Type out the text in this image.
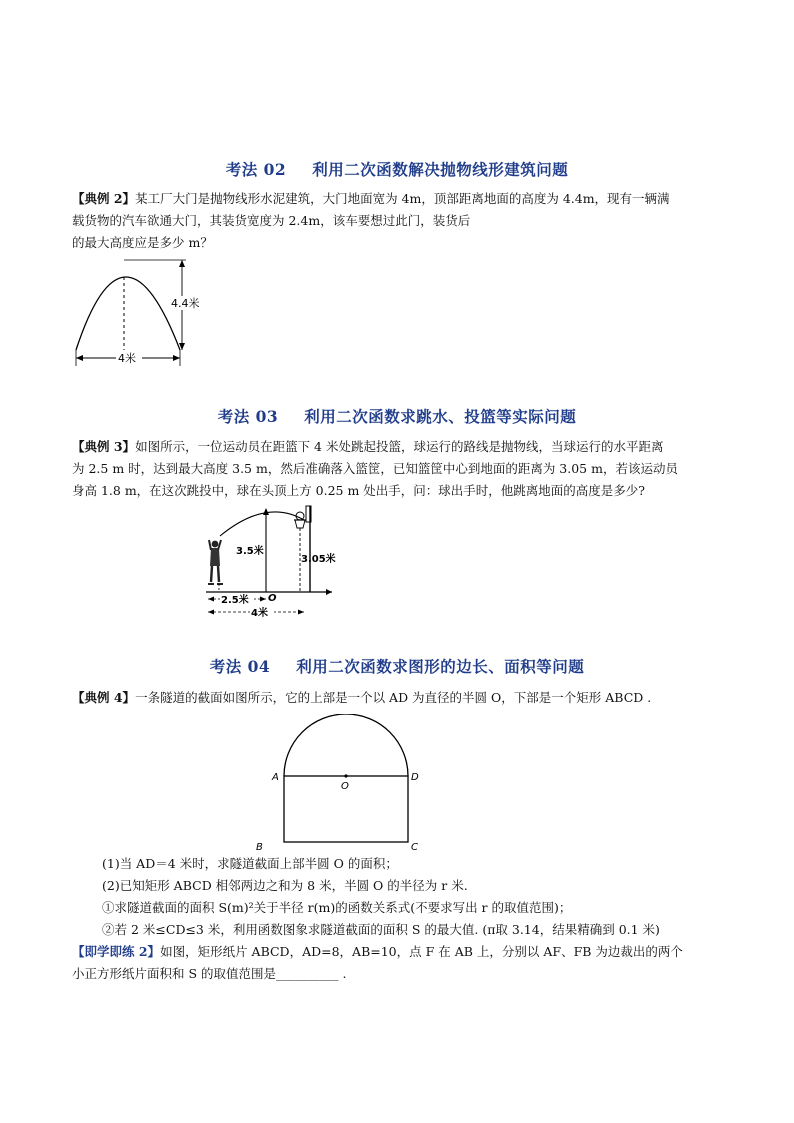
考法 02 利用二次函数解决抛物线形建筑问题
【典例 2】某工厂大门是抛物线形水泥建筑，大门地面宽为 4m，顶部距离地面的高度为 4.4m，现有一辆满
载货物的汽车欲通大门，其装货宽度为 2.4m，该车要想过此门，装货后
的最大高度应是多少 m？
4.4米
4米
考法 03 利用二次函数求跳水、投篮等实际问题
【典例 3】如图所示，一位运动员在距篮下 4 米处跳起投篮，球运行的路线是抛物线，当球运行的水平距离
为 2.5 m 时，达到最大高度 3.5 m，然后准确落入篮筐，已知篮筐中心到地面的距离为 3.05 m，若该运动员
身高 1.8 m，在这次跳投中，球在头顶上方 0.25 m 处出手，问：球出手时，他跳离地面的高度是多少?
3.5米
3.05米
O
2.5米
4米
考法 04 利用二次函数求图形的边长、面积等问题
【典例 4】一条隧道的截面如图所示，它的上部是一个以 AD 为直径的半圆 O，下部是一个矩形 ABCD .
A	D
O
B	C
(1)当 AD＝4 米时，求隧道截面上部半圆 O 的面积；
(2)已知矩形 ABCD 相邻两边之和为 8 米，半圆 O 的半径为 r 米.
①求隧道截面的面积 S(m)²关于半径 r(m)的函数关系式(不要求写出 r 的取值范围)；
②若 2 米≤CD≤3 米，利用函数图象求隧道截面的面积 S 的最大值. (π取 3.14，结果精确到 0.1 米)
【即学即练 2】如图，矩形纸片 ABCD，AD=8，AB=10，点 F 在 AB 上，分别以 AF、FB 为边裁出的两个
小正方形纸片面积和 S 的取值范围是__________ .
